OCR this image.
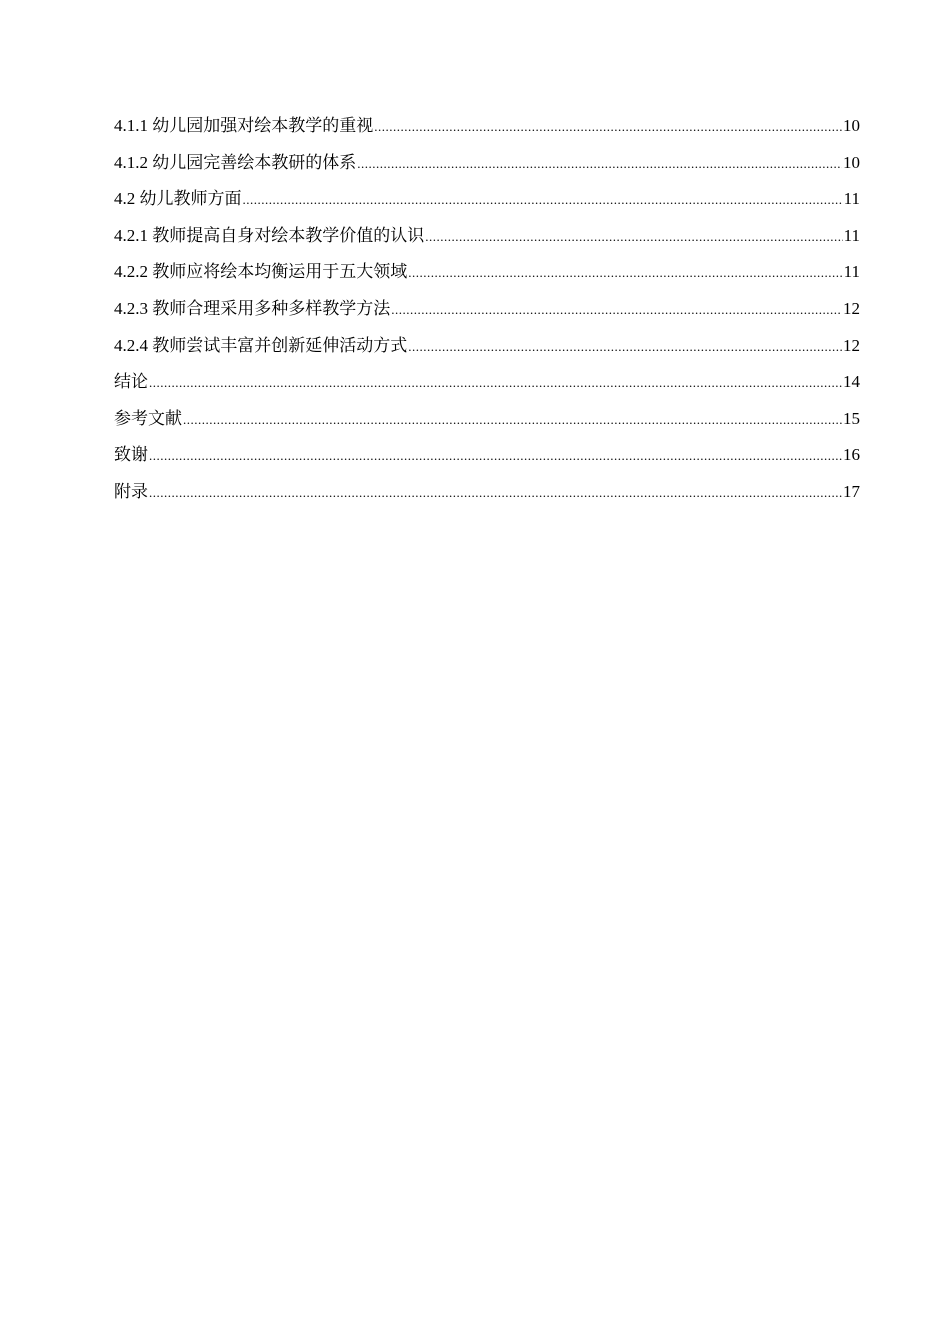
4.1.1 幼儿园加强对绘本教学的重视 .....	10
4.1.2 幼儿园完善绘本教研的体系 .....	10
4.2 幼儿教师方面 .....	11
4.2.1 教师提高自身对绘本教学价值的认识 .....	11
4.2.2 教师应将绘本均衡运用于五大领域 .....	11
4.2.3 教师合理采用多种多样教学方法 .....	12
4.2.4 教师尝试丰富并创新延伸活动方式 .....	12
结论 .....	14
参考文献 .....	15
致谢 .....	16
附录 .....	17
